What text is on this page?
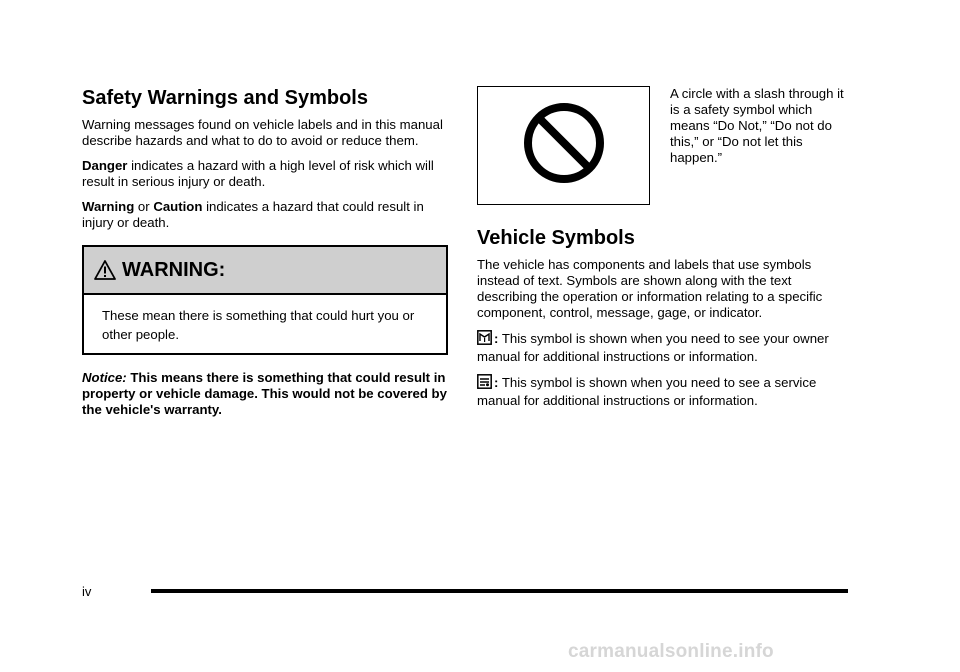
Safety Warnings and Symbols

Warning messages found on vehicle labels and in this manual describe hazards and what to do to avoid or reduce them.

Danger indicates a hazard with a high level of risk which will result in serious injury or death.

Warning or Caution indicates a hazard that could result in injury or death.

WARNING:
These mean there is something that could hurt you or other people.

Notice: This means there is something that could result in property or vehicle damage. This would not be covered by the vehicle's warranty.

A circle with a slash through it is a safety symbol which means “Do Not,” “Do not do this,” or “Do not let this happen.”
Vehicle Symbols

The vehicle has components and labels that use symbols instead of text. Symbols are shown along with the text describing the operation or information relating to a specific component, control, message, gage, or indicator.

: This symbol is shown when you need to see your owner manual for additional instructions or information.

: This symbol is shown when you need to see a service manual for additional instructions or information.

iv
carmanualsonline.info
